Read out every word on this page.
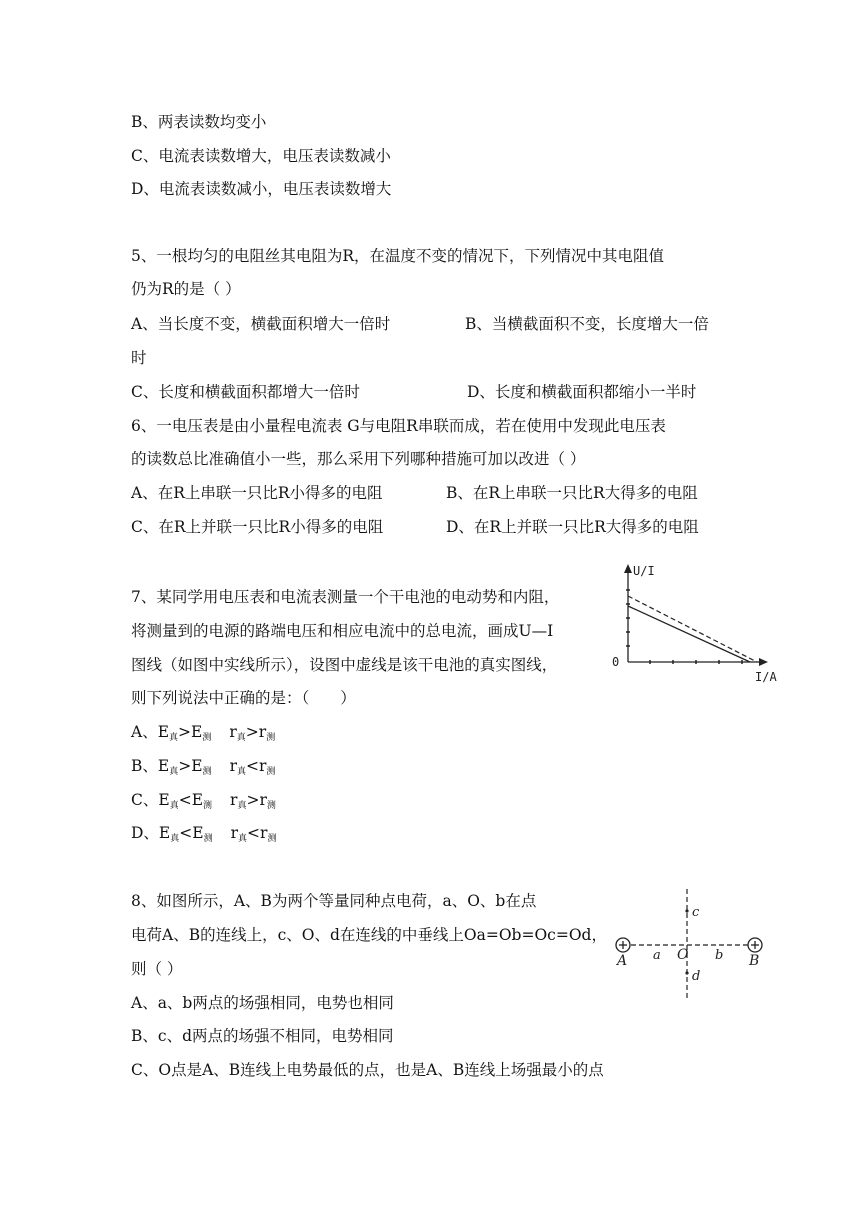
B、两表读数均变小
C、电流表读数增大，电压表读数减小
D、电流表读数减小，电压表读数增大
5、一根均匀的电阻丝其电阻为R，在温度不变的情况下，下列情况中其电阻值
仍为R的是（ ）
A、当长度不变，横截面积增大一倍时	B、当横截面积不变，长度增大一倍
时
C、长度和横截面积都增大一倍时	D、长度和横截面积都缩小一半时
6、一电压表是由小量程电流表 G与电阻R串联而成，若在使用中发现此电压表
的读数总比准确值小一些，那么采用下列哪种措施可加以改进（ ）
A、在R上串联一只比R小得多的电阻	B、在R上串联一只比R大得多的电阻
C、在R上并联一只比R小得多的电阻	D、在R上并联一只比R大得多的电阻
7、某同学用电压表和电流表测量一个干电池的电动势和内阻，
将测量到的电源的路端电压和相应电流中的总电流，画成U—I
图线（如图中实线所示），设图中虚线是该干电池的真实图线，
则下列说法中正确的是：（　　）
A、E真>E测 r真>r测
B、E真>E测 r真<r测
C、E真<E测 r真>r测
D、E真<E测 r真<r测
U/I
I/A
0
8、如图所示，A、B为两个等量同种点电荷，a、O、b在点
电荷A、B的连线上，c、O、d在连线的中垂线上Oa=Ob=Oc=Od，
则（ ）
A、a、b两点的场强相同，电势也相同
B、c、d两点的场强不相同，电势相同
C、O点是A、B连线上电势最低的点，也是A、B连线上场强最小的点
A	B
a	b
c
d
O
